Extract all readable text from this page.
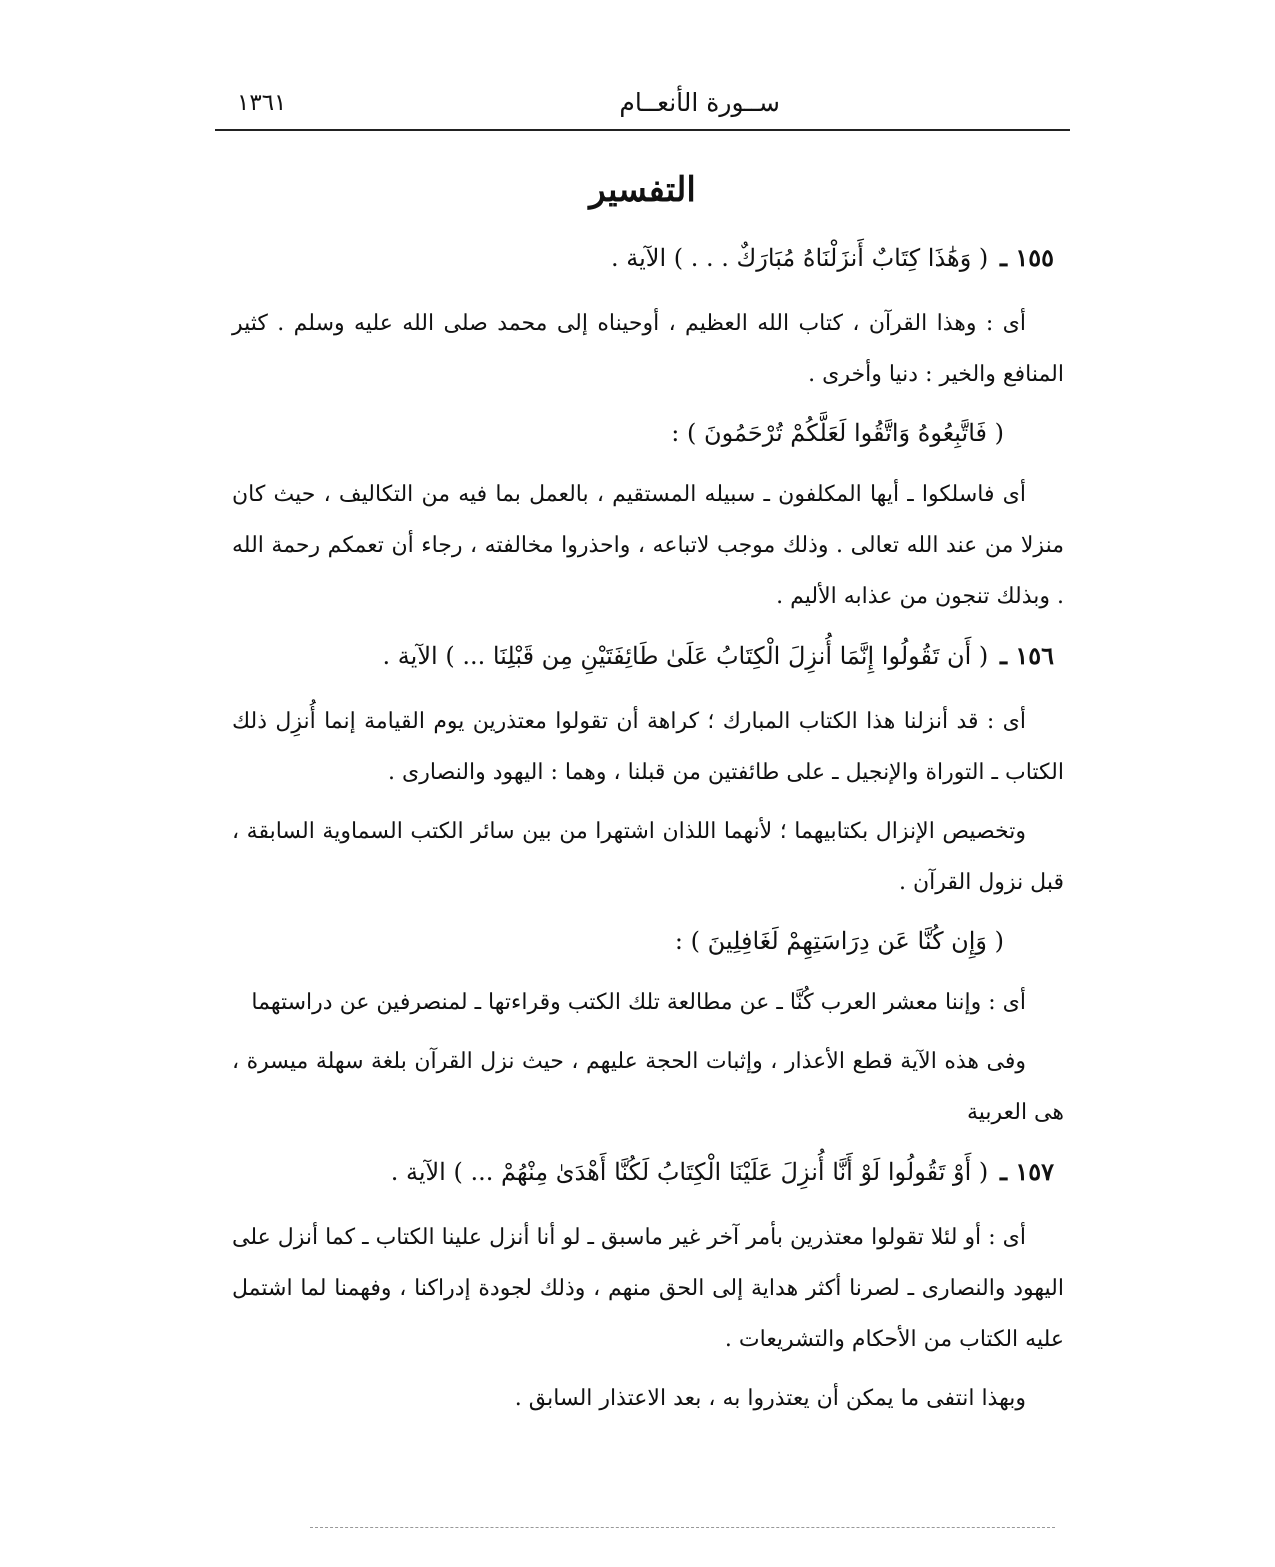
ســورة الأنعــام
١٣٦١
التفسير

١٥٥ ـ ( وَهَٰذَا كِتَابٌ أَنزَلْنَاهُ مُبَارَكٌ . . . ) الآية .

أى : وهذا القرآن ، كتاب الله العظيم ، أوحيناه إلى محمد صلى الله عليه وسلم . كثير المنافع والخير : دنيا وأخرى .

( فَاتَّبِعُوهُ وَاتَّقُوا لَعَلَّكُمْ تُرْحَمُونَ ) :

أى فاسلكوا ـ أيها المكلفون ـ سبيله المستقيم ، بالعمل بما فيه من التكاليف ، حيث كان منزلا من عند الله تعالى . وذلك موجب لاتباعه ، واحذروا مخالفته ، رجاء أن تعمكم رحمة الله . وبذلك تنجون من عذابه الأليم .

١٥٦ ـ ( أَن تَقُولُوا إِنَّمَا أُنزِلَ الْكِتَابُ عَلَىٰ طَائِفَتَيْنِ مِن قَبْلِنَا ... ) الآية .

أى : قد أنزلنا هذا الكتاب المبارك ؛ كراهة أن تقولوا معتذرين يوم القيامة إنما أُنزِل ذلك الكتاب ـ التوراة والإنجيل ـ على طائفتين من قبلنا ، وهما : اليهود والنصارى .

وتخصيص الإنزال بكتابيهما ؛ لأنهما اللذان اشتهرا من بين سائر الكتب السماوية السابقة ، قبل نزول القرآن .

( وَإِن كُنَّا عَن دِرَاسَتِهِمْ لَغَافِلِينَ ) :

أى : وإننا معشر العرب كُنَّا ـ عن مطالعة تلك الكتب وقراءتها ـ لمنصرفين عن دراستهما

وفى هذه الآية قطع الأعذار ، وإثبات الحجة عليهم ، حيث نزل القرآن بلغة سهلة ميسرة ، هى العربية

١٥٧ ـ ( أَوْ تَقُولُوا لَوْ أَنَّا أُنزِلَ عَلَيْنَا الْكِتَابُ لَكُنَّا أَهْدَىٰ مِنْهُمْ ... ) الآية .

أى : أو لئلا تقولوا معتذرين بأمر آخر غير ماسبق ـ لو أنا أنزل علينا الكتاب ـ كما أنزل على اليهود والنصارى ـ لصرنا أكثر هداية إلى الحق منهم ، وذلك لجودة إدراكنا ، وفهمنا لما اشتمل عليه الكتاب من الأحكام والتشريعات .

وبهذا انتفى ما يمكن أن يعتذروا به ، بعد الاعتذار السابق .
